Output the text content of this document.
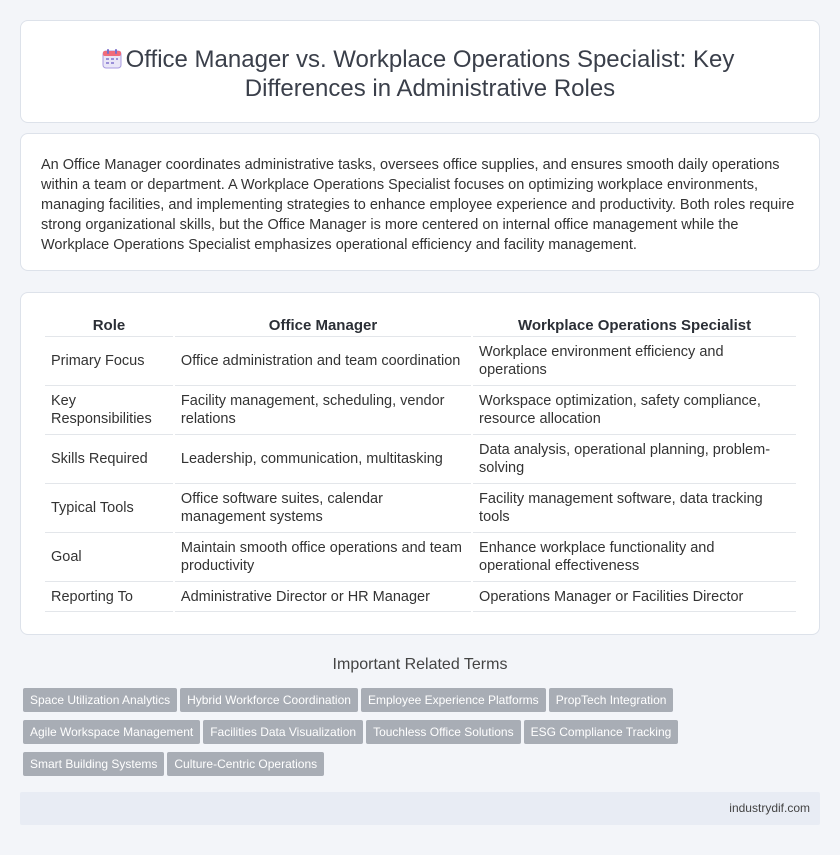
Office Manager vs. Workplace Operations Specialist: Key Differences in Administrative Roles

An Office Manager coordinates administrative tasks, oversees office supplies, and ensures smooth daily operations within a team or department. A Workplace Operations Specialist focuses on optimizing workplace environments, managing facilities, and implementing strategies to enhance employee experience and productivity. Both roles require strong organizational skills, but the Office Manager is more centered on internal office management while the Workplace Operations Specialist emphasizes operational efficiency and facility management.

Role	Office Manager	Workplace Operations Specialist
Primary Focus	Office administration and team coordination	Workplace environment efficiency and operations
Key Responsibilities	Facility management, scheduling, vendor relations	Workspace optimization, safety compliance, resource allocation
Skills Required	Leadership, communication, multitasking	Data analysis, operational planning, problem-solving
Typical Tools	Office software suites, calendar management systems	Facility management software, data tracking tools
Goal	Maintain smooth office operations and team productivity	Enhance workplace functionality and operational effectiveness
Reporting To	Administrative Director or HR Manager	Operations Manager or Facilities Director
Important Related Terms
Space Utilization Analytics Hybrid Workforce Coordination Employee Experience Platforms PropTech Integration
Agile Workspace Management Facilities Data Visualization Touchless Office Solutions ESG Compliance Tracking
Smart Building Systems Culture-Centric Operations
industrydif.com
